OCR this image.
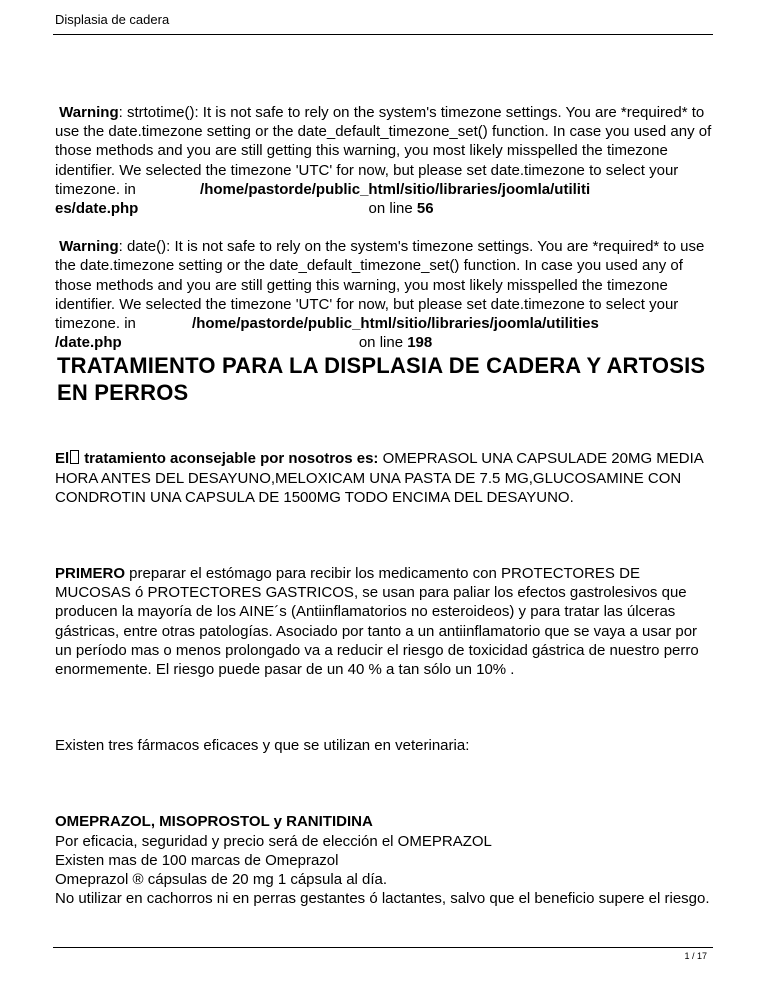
Displasia de cadera
Warning: strtotime(): It is not safe to rely on the system's timezone settings. You are *required* to use the date.timezone setting or the date_default_timezone_set() function. In case you used any of those methods and you are still getting this warning, you most likely misspelled the timezone identifier. We selected the timezone 'UTC' for now, but please set date.timezone to select your timezone. in	/home/pastorde/public_html/sitio/libraries/joomla/utiliti
es/date.php	on line 56
Warning: date(): It is not safe to rely on the system's timezone settings. You are *required* to use the date.timezone setting or the date_default_timezone_set() function. In case you used any of those methods and you are still getting this warning, you most likely misspelled the timezone identifier. We selected the timezone 'UTC' for now, but please set date.timezone to select your timezone. in	/home/pastorde/public_html/sitio/libraries/joomla/utilities
/date.php	on line 198
TRATAMIENTO PARA LA DISPLASIA DE CADERA Y ARTOSIS EN PERROS

El tratamiento aconsejable por nosotros es: OMEPRASOL UNA CAPSULADE 20MG MEDIA HORA ANTES DEL DESAYUNO,MELOXICAM UNA PASTA DE 7.5 MG,GLUCOSAMINE CON CONDROTIN UNA CAPSULA DE 1500MG TODO ENCIMA DEL DESAYUNO.

PRIMERO preparar el estómago para recibir los medicamento con PROTECTORES DE MUCOSAS ó PROTECTORES GASTRICOS, se usan para paliar los efectos gastrolesivos que producen la mayoría de los AINE´s (Antiinflamatorios no esteroideos) y para tratar las úlceras gástricas, entre otras patologías. Asociado por tanto a un antiinflamatorio que se vaya a usar por un período mas o menos prolongado va a reducir el riesgo de toxicidad gástrica de nuestro perro enormemente. El riesgo puede pasar de un 40 % a tan sólo un 10% .

Existen tres fármacos eficaces y que se utilizan en veterinaria:

OMEPRAZOL, MISOPROSTOL y RANITIDINA
Por eficacia, seguridad y precio será de elección el OMEPRAZOL
Existen mas de 100 marcas de Omeprazol
Omeprazol ® cápsulas de 20 mg 1 cápsula al día.
No utilizar en cachorros ni en perras gestantes ó lactantes, salvo que el beneficio supere el riesgo.
1 / 17
